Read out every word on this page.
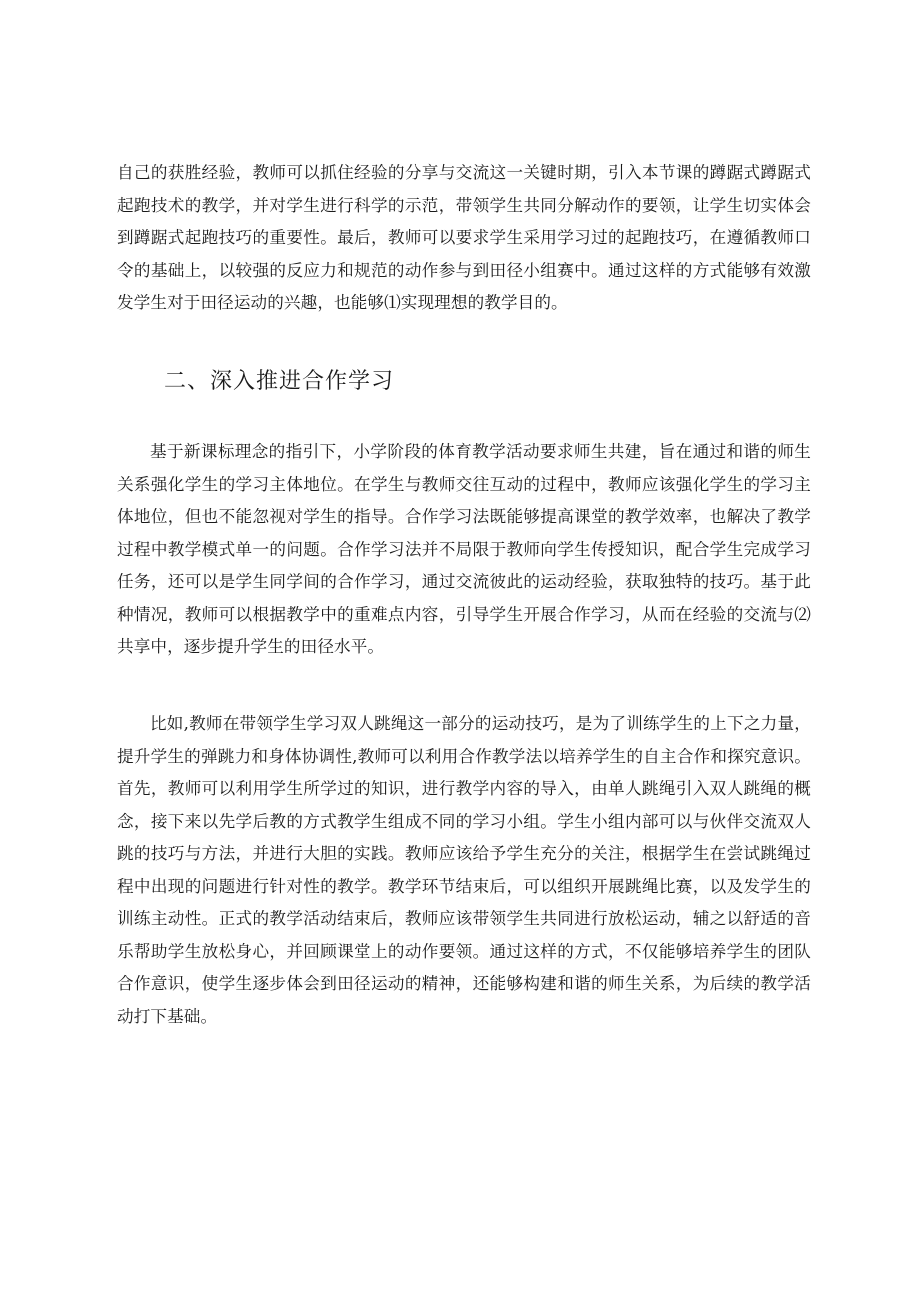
自己的获胜经验，教师可以抓住经验的分享与交流这一关键时期，引入本节课的蹲踞式蹲踞式起跑技术的教学，并对学生进行科学的示范，带领学生共同分解动作的要领，让学生切实体会到蹲踞式起跑技巧的重要性。最后，教师可以要求学生采用学习过的起跑技巧，在遵循教师口令的基础上，以较强的反应力和规范的动作参与到田径小组赛中。通过这样的方式能够有效激发学生对于田径运动的兴趣，也能够⑴实现理想的教学目的。

二、深入推进合作学习

基于新课标理念的指引下，小学阶段的体育教学活动要求师生共建，旨在通过和谐的师生关系强化学生的学习主体地位。在学生与教师交往互动的过程中，教师应该强化学生的学习主体地位，但也不能忽视对学生的指导。合作学习法既能够提高课堂的教学效率，也解决了教学过程中教学模式单一的问题。合作学习法并不局限于教师向学生传授知识，配合学生完成学习任务，还可以是学生同学间的合作学习，通过交流彼此的运动经验，获取独特的技巧。基于此种情况，教师可以根据教学中的重难点内容，引导学生开展合作学习，从而在经验的交流与⑵共享中，逐步提升学生的田径水平。

比如,教师在带领学生学习双人跳绳这一部分的运动技巧，是为了训练学生的上下之力量，提升学生的弹跳力和身体协调性,教师可以利用合作教学法以培养学生的自主合作和探究意识。首先，教师可以利用学生所学过的知识，进行教学内容的导入，由单人跳绳引入双人跳绳的概念，接下来以先学后教的方式教学生组成不同的学习小组。学生小组内部可以与伙伴交流双人跳的技巧与方法，并进行大胆的实践。教师应该给予学生充分的关注，根据学生在尝试跳绳过程中出现的问题进行针对性的教学。教学环节结束后，可以组织开展跳绳比赛，以及发学生的训练主动性。正式的教学活动结束后，教师应该带领学生共同进行放松运动，辅之以舒适的音乐帮助学生放松身心，并回顾课堂上的动作要领。通过这样的方式，不仅能够培养学生的团队合作意识，使学生逐步体会到田径运动的精神，还能够构建和谐的师生关系，为后续的教学活动打下基础。
